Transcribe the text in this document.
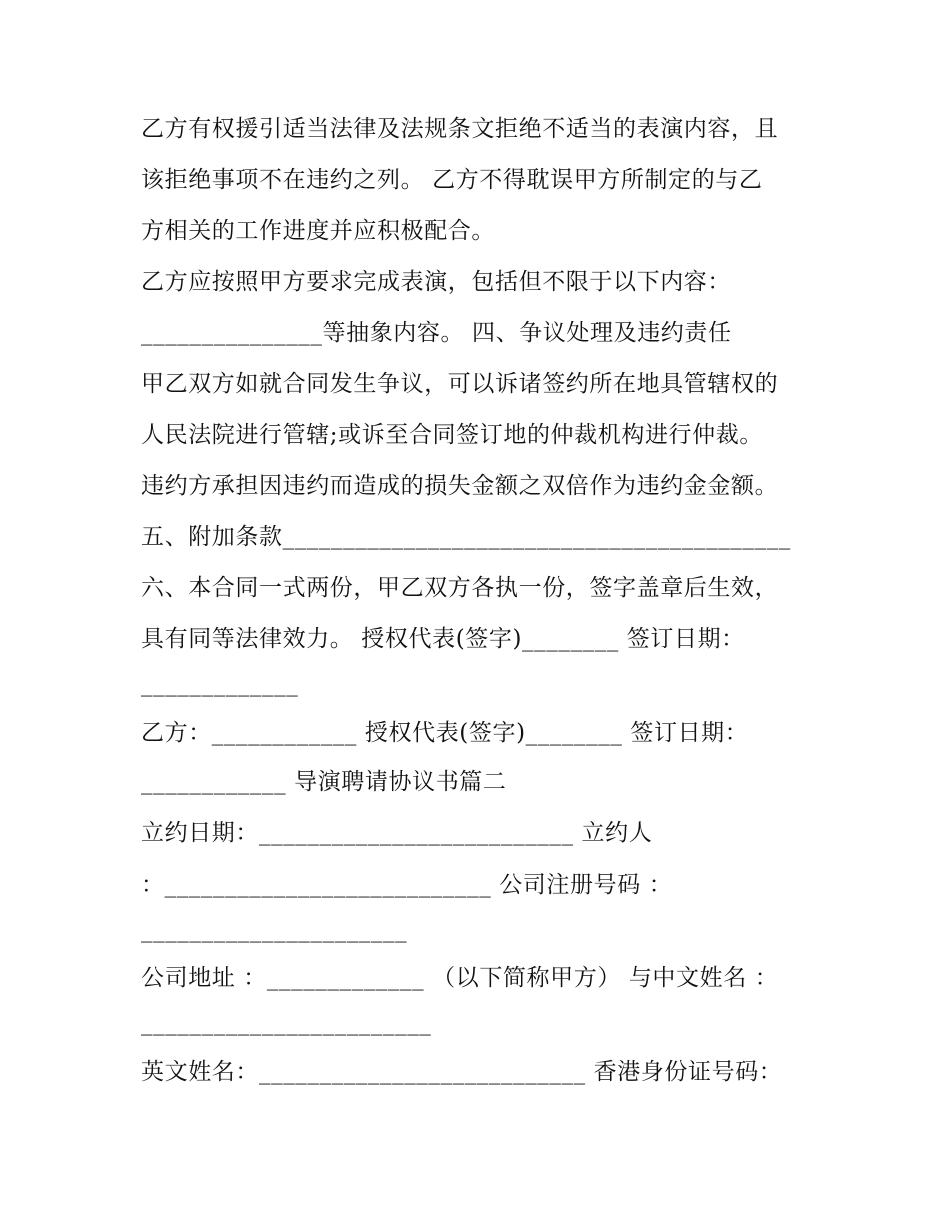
乙方有权援引适当法律及法规条文拒绝不适当的表演内容，且
该拒绝事项不在违约之列。 乙方不得耽误甲方所制定的与乙
方相关的工作进度并应积极配合。
乙方应按照甲方要求完成表演，包括但不限于以下内容：
_______________等抽象内容。 四、争议处理及违约责任
甲乙双方如就合同发生争议，可以诉诸签约所在地具管辖权的
人民法院进行管辖;或诉至合同签订地的仲裁机构进行仲裁。
违约方承担因违约而造成的损失金额之双倍作为违约金金额。
五、附加条款__________________________________________
六、本合同一式两份，甲乙双方各执一份，签字盖章后生效，
具有同等法律效力。 授权代表(签字)________ 签订日期：
_____________
乙方：____________ 授权代表(签字)________ 签订日期：
____________ 导演聘请协议书篇二
立约日期：__________________________ 立约人
：___________________________ 公司注册号码 ：
______________________
公司地址 ：_____________ （以下简称甲方） 与中文姓名 ：
________________________
英文姓名：___________________________ 香港身份证号码：
